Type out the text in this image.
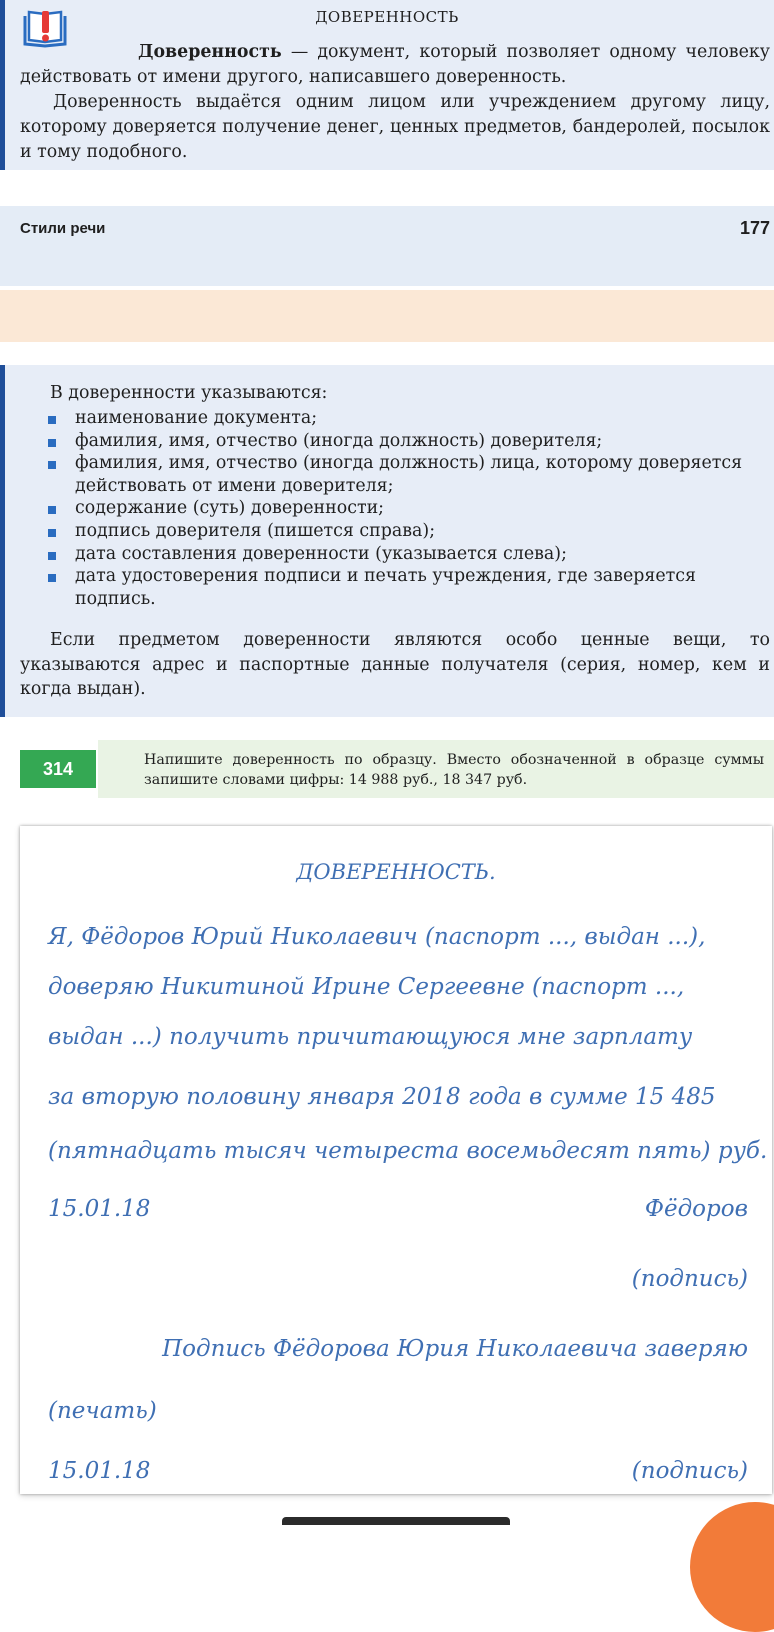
ДОВЕРЕННОСТЬ
Доверенность — документ, который позволяет одному человеку действовать от имени другого, написавшего доверенность.
Доверенность выдаётся одним лицом или учреждением другому лицу, которому доверяется получение денег, ценных предметов, бандеролей, посылок и тому подобного.
Стили речи	177
В доверенности указываются:
наименование документа;
фамилия, имя, отчество (иногда должность) доверителя;
фамилия, имя, отчество (иногда должность) лица, которому доверяется действовать от имени доверителя;
содержание (суть) доверенности;
подпись доверителя (пишется справа);
дата составления доверенности (указывается слева);
дата удостоверения подписи и печать учреждения, где заверяется подпись.
Если предметом доверенности являются особо ценные вещи, то указываются адрес и паспортные данные получателя (серия, номер, кем и когда выдан).
314	Напишите доверенность по образцу. Вместо обозначенной в образце суммы запишите словами цифры: 14 988 руб., 18 347 руб.
ДОВЕРЕННОСТЬ.
Я, Фёдоров Юрий Николаевич (паспорт ..., выдан ...),
доверяю Никитиной Ирине Сергеевне (паспорт ...,
выдан ...) получить причитающуюся мне зарплату
за вторую половину января 2018 года в сумме 15 485
(пятнадцать тысяч четыреста восемьдесят пять) руб.
15.01.18	Фёдоров
(подпись)
Подпись Фёдорова Юрия Николаевича заверяю
(печать)
15.01.18	(подпись)
